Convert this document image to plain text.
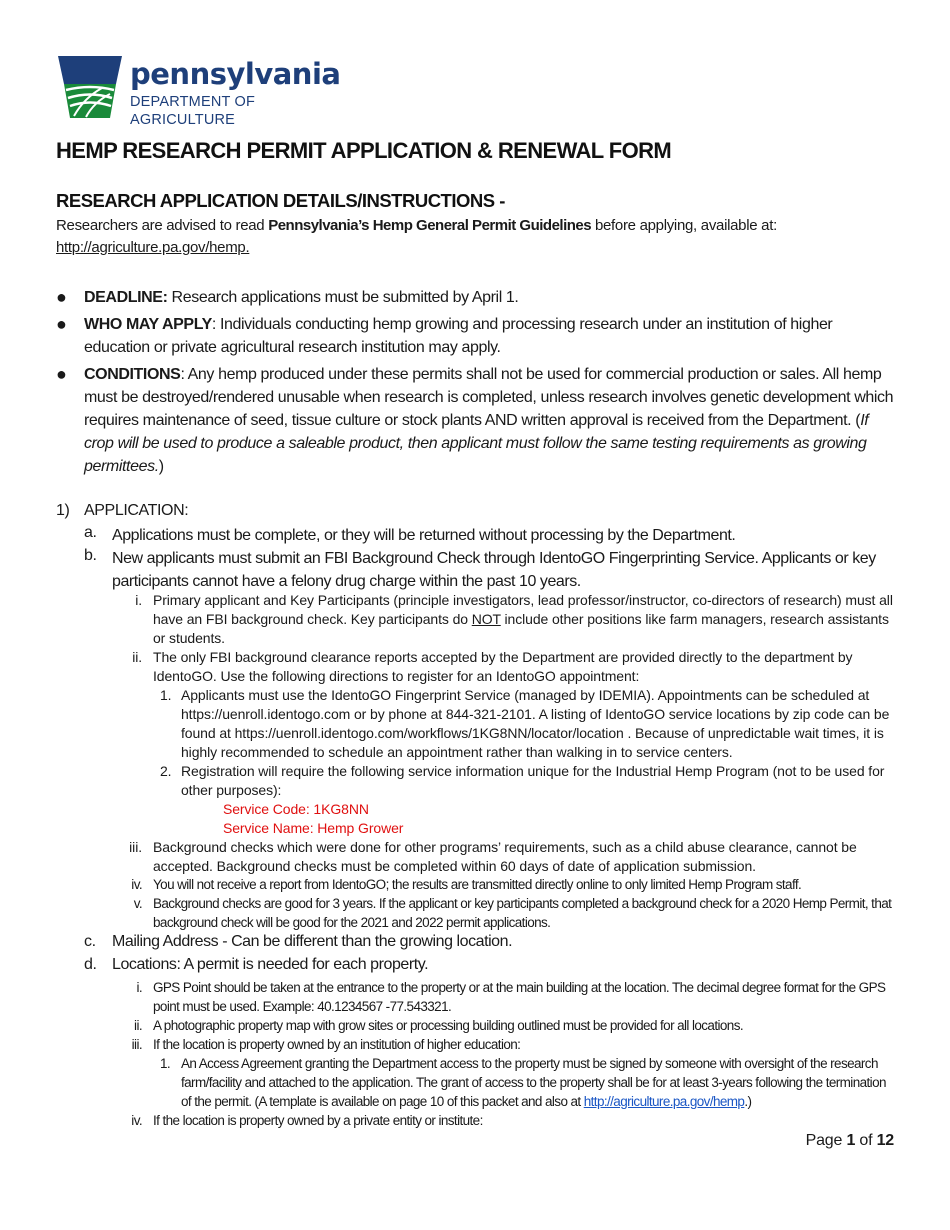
pennsylvania
DEPARTMENT OF AGRICULTURE
HEMP RESEARCH PERMIT APPLICATION & RENEWAL FORM
RESEARCH APPLICATION DETAILS/INSTRUCTIONS -
Researchers are advised to read Pennsylvania’s Hemp General Permit Guidelines before applying, available at:
http://agriculture.pa.gov/hemp.
● DEADLINE: Research applications must be submitted by April 1.
● WHO MAY APPLY: Individuals conducting hemp growing and processing research under an institution of higher education or private agricultural research institution may apply.
● CONDITIONS: Any hemp produced under these permits shall not be used for commercial production or sales. All hemp must be destroyed/rendered unusable when research is completed, unless research involves genetic development which requires maintenance of seed, tissue culture or stock plants AND written approval is received from the Department. (If crop will be used to produce a saleable product, then applicant must follow the same testing requirements as growing permittees.)
1) APPLICATION:
a. Applications must be complete, or they will be returned without processing by the Department.
b. New applicants must submit an FBI Background Check through IdentoGO Fingerprinting Service. Applicants or key participants cannot have a felony drug charge within the past 10 years.
i. Primary applicant and Key Participants (principle investigators, lead professor/instructor, co-directors of research) must all have an FBI background check. Key participants do NOT include other positions like farm managers, research assistants or students.
ii. The only FBI background clearance reports accepted by the Department are provided directly to the department by IdentoGO. Use the following directions to register for an IdentoGO appointment:
1. Applicants must use the IdentoGO Fingerprint Service (managed by IDEMIA). Appointments can be scheduled at https://uenroll.identogo.com or by phone at 844-321-2101. A listing of IdentoGO service locations by zip code can be found at https://uenroll.identogo.com/workflows/1KG8NN/locator/location . Because of unpredictable wait times, it is highly recommended to schedule an appointment rather than walking in to service centers.
2. Registration will require the following service information unique for the Industrial Hemp Program (not to be used for other purposes):
Service Code: 1KG8NN
Service Name: Hemp Grower
iii. Background checks which were done for other programs’ requirements, such as a child abuse clearance, cannot be accepted. Background checks must be completed within 60 days of date of application submission.
iv. You will not receive a report from IdentoGO; the results are transmitted directly online to only limited Hemp Program staff.
v. Background checks are good for 3 years. If the applicant or key participants completed a background check for a 2020 Hemp Permit, that background check will be good for the 2021 and 2022 permit applications.
c. Mailing Address - Can be different than the growing location.
d. Locations: A permit is needed for each property.
i. GPS Point should be taken at the entrance to the property or at the main building at the location. The decimal degree format for the GPS point must be used. Example: 40.1234567 -77.543321.
ii. A photographic property map with grow sites or processing building outlined must be provided for all locations.
iii. If the location is property owned by an institution of higher education:
1. An Access Agreement granting the Department access to the property must be signed by someone with oversight of the research farm/facility and attached to the application. The grant of access to the property shall be for at least 3-years following the termination of the permit. (A template is available on page 10 of this packet and also at http://agriculture.pa.gov/hemp.)
iv. If the location is property owned by a private entity or institute:
Page 1 of 12
